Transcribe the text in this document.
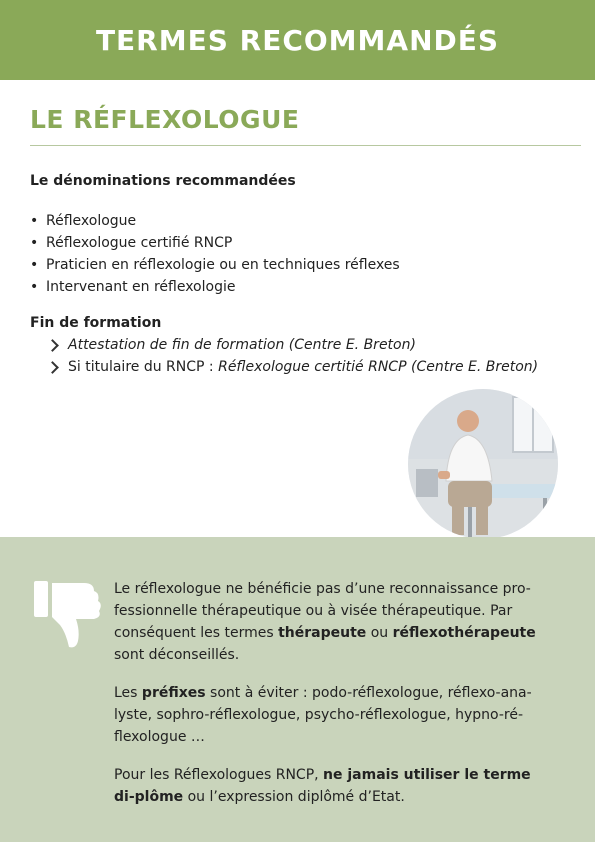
TERMES RECOMMANDÉS
LE RÉFLEXOLOGUE
Le dénominations recommandées
• Réflexologue
• Réflexologue certifié RNCP
• Praticien en réflexologie ou en techniques réflexes
• Intervenant en réflexologie
Fin de formation
Attestation de fin de formation (Centre E. Breton)
Si titulaire du RNCP : Réflexologue certitié RNCP (Centre E. Breton)

Le réflexologue ne bénéficie pas d’une reconnaissance pro-fessionnelle thérapeutique ou à visée thérapeutique. Par conséquent les termes thérapeute ou réflexothérapeute sont déconseillés.

Les préfixes sont à éviter : podo-réflexologue, réflexo-ana-lyste, sophro-réflexologue, psycho-réflexologue, hypno-ré-flexologue …

Pour les Réflexologues RNCP, ne jamais utiliser le terme di-plôme ou l’expression diplômé d’Etat.
